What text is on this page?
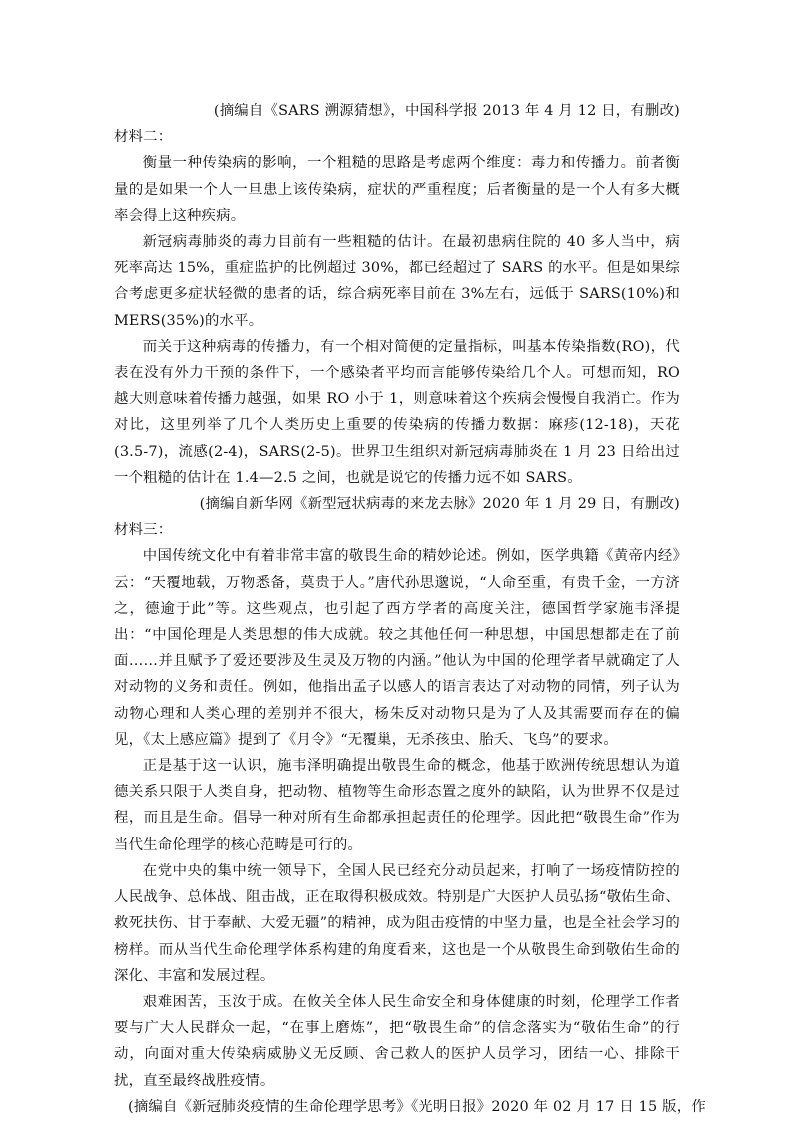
(摘编自《SARS 溯源猜想》，中国科学报 2013 年 4 月 12 日，有删改)
材料二：
衡量一种传染病的影响，一个粗糙的思路是考虑两个维度：毒力和传播力。前者衡量的是如果一个人一旦患上该传染病，症状的严重程度；后者衡量的是一个人有多大概率会得上这种疾病。
新冠病毒肺炎的毒力目前有一些粗糙的估计。在最初患病住院的 40 多人当中，病死率高达 15%，重症监护的比例超过 30%，都已经超过了 SARS 的水平。但是如果综合考虑更多症状轻微的患者的话，综合病死率目前在 3%左右，远低于 SARS(10%)和 MERS(35%)的水平。
而关于这种病毒的传播力，有一个相对简便的定量指标，叫基本传染指数(RO)，代表在没有外力干预的条件下，一个感染者平均而言能够传染给几个人。可想而知，RO 越大则意味着传播力越强，如果 RO 小于 1，则意味着这个疾病会慢慢自我消亡。作为对比，这里列举了几个人类历史上重要的传染病的传播力数据：麻疹(12-18)，天花(3.5-7)，流感(2-4)，SARS(2-5)。世界卫生组织对新冠病毒肺炎在 1 月 23 日给出过一个粗糙的估计在 1.4—2.5 之间，也就是说它的传播力远不如 SARS。
(摘编自新华网《新型冠状病毒的来龙去脉》2020 年 1 月 29 日，有删改)
材料三：
中国传统文化中有着非常丰富的敬畏生命的精妙论述。例如，医学典籍《黄帝内经》云：“天覆地载，万物悉备，莫贵于人。”唐代孙思邈说，“人命至重，有贵千金，一方济之，德逾于此”等。这些观点，也引起了西方学者的高度关注，德国哲学家施韦泽提出：“中国伦理是人类思想的伟大成就。较之其他任何一种思想，中国思想都走在了前面……并且赋予了爱还要涉及生灵及万物的内涵。”他认为中国的伦理学者早就确定了人对动物的义务和责任。例如，他指出孟子以感人的语言表达了对动物的同情，列子认为动物心理和人类心理的差别并不很大，杨朱反对动物只是为了人及其需要而存在的偏见，《太上感应篇》提到了《月令》“无覆巢，无杀孩虫、胎夭、飞鸟”的要求。
正是基于这一认识，施韦泽明确提出敬畏生命的概念，他基于欧洲传统思想认为道德关系只限于人类自身，把动物、植物等生命形态置之度外的缺陷，认为世界不仅是过程，而且是生命。倡导一种对所有生命都承担起责任的伦理学。因此把“敬畏生命”作为当代生命伦理学的核心范畴是可行的。
在党中央的集中统一领导下，全国人民已经充分动员起来，打响了一场疫情防控的人民战争、总体战、阻击战，正在取得积极成效。特别是广大医护人员弘扬“敬佑生命、救死扶伤、甘于奉献、大爱无疆”的精神，成为阻击疫情的中坚力量，也是全社会学习的榜样。而从当代生命伦理学体系构建的角度看来，这也是一个从敬畏生命到敬佑生命的深化、丰富和发展过程。
艰难困苦，玉汝于成。在攸关全体人民生命安全和身体健康的时刻，伦理学工作者要与广大人民群众一起，“在事上磨炼”，把“敬畏生命”的信念落实为“敬佑生命”的行动，向面对重大传染病威胁义无反顾、舍己救人的医护人员学习，团结一心、排除干扰，直至最终战胜疫情。
(摘编自《新冠肺炎疫情的生命伦理学思考》《光明日报》2020 年 02 月 17 日 15 版，作
